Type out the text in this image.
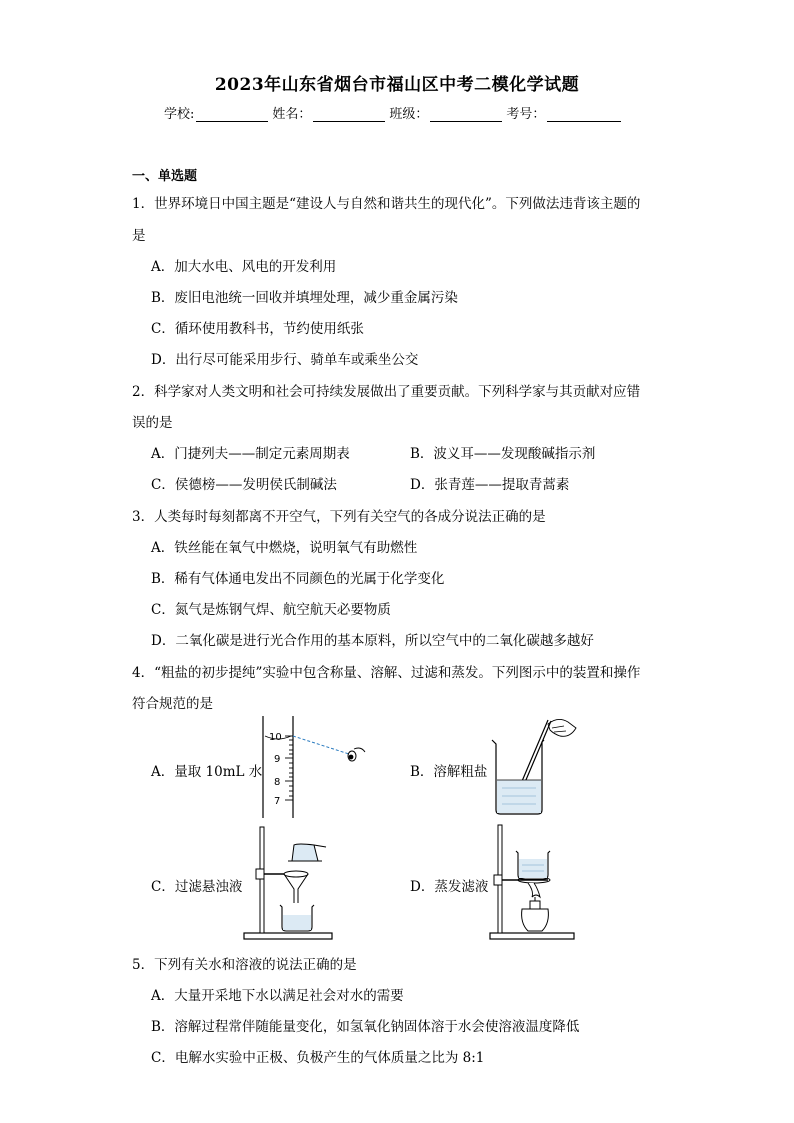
2023年山东省烟台市福山区中考二模化学试题
学校:	姓名：	班级：	考号：
一、单选题
1．世界环境日中国主题是“建设人与自然和谐共生的现代化”。下列做法违背该主题的
是
A．加大水电、风电的开发利用
B．废旧电池统一回收并填埋处理，减少重金属污染
C．循环使用教科书，节约使用纸张
D．出行尽可能采用步行、骑单车或乘坐公交
2．科学家对人类文明和社会可持续发展做出了重要贡献。下列科学家与其贡献对应错
误的是
A．门捷列夫——制定元素周期表	B．波义耳——发现酸碱指示剂
C．侯德榜——发明侯氏制碱法	D．张青莲——提取青蒿素
3．人类每时每刻都离不开空气，下列有关空气的各成分说法正确的是
A．铁丝能在氧气中燃烧，说明氧气有助燃性
B．稀有气体通电发出不同颜色的光属于化学变化
C．氮气是炼钢气焊、航空航天必要物质
D．二氧化碳是进行光合作用的基本原料，所以空气中的二氧化碳越多越好
4．“粗盐的初步提纯”实验中包含称量、溶解、过滤和蒸发。下列图示中的装置和操作
符合规范的是
A．量取 10mL 水	B．溶解粗盐
C．过滤悬浊液	D．蒸发滤液
10
9
8
7
5．下列有关水和溶液的说法正确的是
A．大量开采地下水以满足社会对水的需要
B．溶解过程常伴随能量变化，如氢氧化钠固体溶于水会使溶液温度降低
C．电解水实验中正极、负极产生的气体质量之比为 8:1
